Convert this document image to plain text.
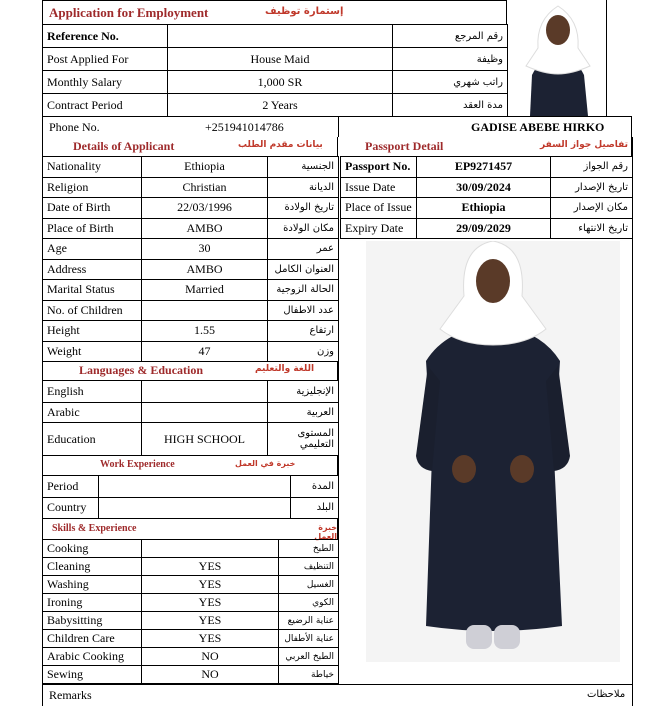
Application for Employment	إستمارة توظيف
Reference No.		رقم المرجع
Post Applied For	House Maid	وظيفة
Monthly Salary	1,000 SR	راتب شهري
Contract Period	2 Years	مدة العقد
Phone No.	+251941014786	GADISE ABEBE HIRKO
Details of Applicant	بيانات مقدم الطلب
Nationality	Ethiopia	الجنسية
Religion	Christian	الديانة
Date of Birth	22/03/1996	تاريخ الولادة
Place of Birth	AMBO	مكان الولادة
Age	30	عمر
Address	AMBO	العنوان الكامل
Marital Status	Married	الحالة الزوجية
No. of Children		عدد الاطفال
Height	1.55	ارتفاع
Weight	47	وزن
Languages & Education	اللغة والتعليم
English		الإنجليزية
Arabic		العربية
Education	HIGH SCHOOL	المستوى التعليمي
Work Experience	خبرة في العمل
Period		المدة
Country		البلد
Skills & Experience	خبرة العمل
Cooking		الطبخ
Cleaning	YES	التنظيف
Washing	YES	الغسيل
Ironing	YES	الكوي
Babysitting	YES	عناية الرضيع
Children Care	YES	عناية الأطفال
Arabic Cooking	NO	الطبخ العربي
Sewing	NO	خياطة
Remarks	ملاحظات
Passport Detail	تفاصيل جواز السفر
Passport No.	EP9271457	رقم الجواز
Issue Date	30/09/2024	تاريخ الإصدار
Place of Issue	Ethiopia	مكان الإصدار
Expiry Date	29/09/2029	تاريخ الانتهاء
